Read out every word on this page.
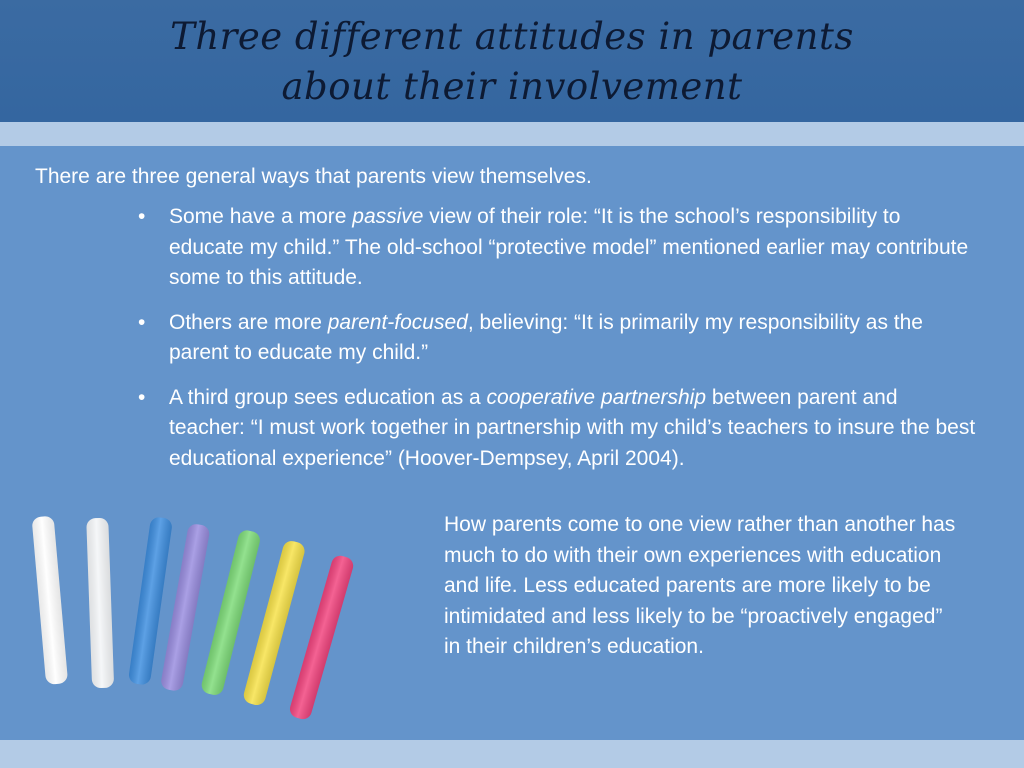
Three different attitudes in parents
about their involvement

There are three general ways that parents view themselves.

• Some have a more passive view of their role: “It is the school’s responsibility to educate my child.” The old-school “protective model” mentioned earlier may contribute some to this attitude.
• Others are more parent-focused, believing: “It is primarily my responsibility as the parent to educate my child.”
• A third group sees education as a cooperative partnership between parent and teacher: “I must work together in partnership with my child’s teachers to insure the best educational experience” (Hoover-Dempsey, April 2004).

How parents come to one view rather than another has much to do with their own experiences with education and life. Less educated parents are more likely to be intimidated and less likely to be “proactively engaged” in their children’s education.
